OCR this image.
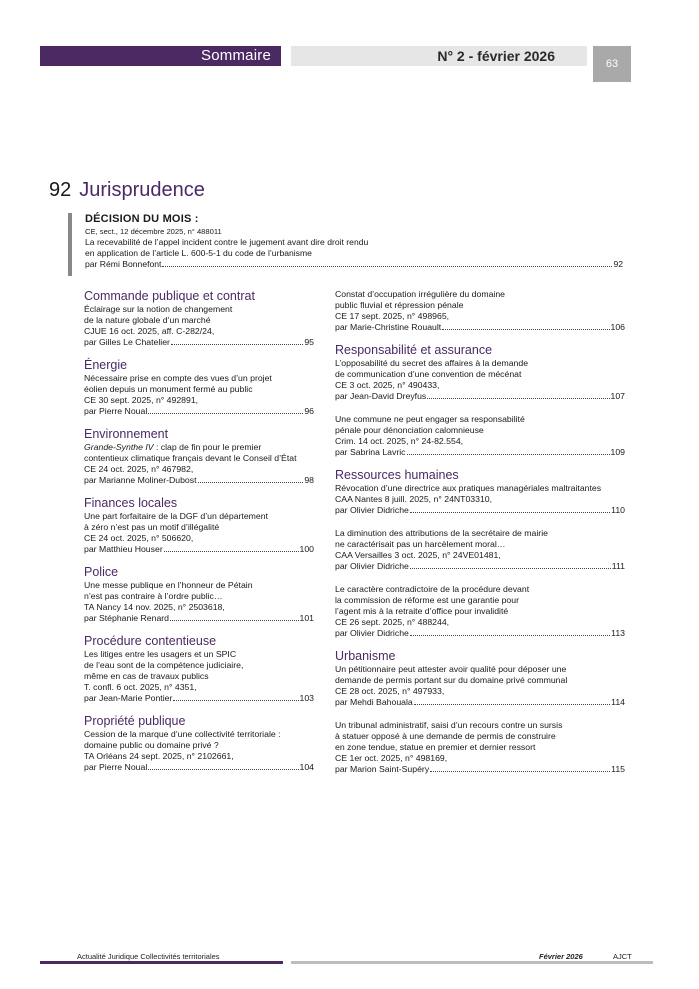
Sommaire	N° 2 - février 2026	63
92 Jurisprudence
DÉCISION DU MOIS :
CE, sect., 12 décembre 2025, n° 488011
La recevabilité de l’appel incident contre le jugement avant dire droit rendu
en application de l’article L. 600-5-1 du code de l’urbanisme
par Rémi Bonnefont	92
Commande publique et contrat
Éclairage sur la notion de changement
de la nature globale d’un marché
CJUE 16 oct. 2025, aff. C-282/24,
par Gilles Le Chatelier	95
Énergie
Nécessaire prise en compte des vues d’un projet
éolien depuis un monument fermé au public
CE 30 sept. 2025, n° 492891,
par Pierre Noual	96
Environnement
Grande-Synthe IV : clap de fin pour le premier
contentieux climatique français devant le Conseil d’État
CE 24 oct. 2025, n° 467982,
par Marianne Moliner-Dubost	98
Finances locales
Une part forfaitaire de la DGF d’un département
à zéro n’est pas un motif d’illégalité
CE 24 oct. 2025, n° 506620,
par Matthieu Houser	100
Police
Une messe publique en l’honneur de Pétain
n’est pas contraire à l’ordre public…
TA Nancy 14 nov. 2025, n° 2503618,
par Stéphanie Renard	101
Procédure contentieuse
Les litiges entre les usagers et un SPIC
de l’eau sont de la compétence judiciaire,
même en cas de travaux publics
T. confl. 6 oct. 2025, n° 4351,
par Jean-Marie Pontier	103
Propriété publique
Cession de la marque d’une collectivité territoriale :
domaine public ou domaine privé ?
TA Orléans 24 sept. 2025, n° 2102661,
par Pierre Noual	104
Constat d’occupation irrégulière du domaine
public fluvial et répression pénale
CE 17 sept. 2025, n° 498965,
par Marie-Christine Rouault	106
Responsabilité et assurance
L’opposabilité du secret des affaires à la demande
de communication d’une convention de mécénat
CE 3 oct. 2025, n° 490433,
par Jean-David Dreyfus	107
Une commune ne peut engager sa responsabilité
pénale pour dénonciation calomnieuse
Crim. 14 oct. 2025, n° 24-82.554,
par Sabrina Lavric	109
Ressources humaines
Révocation d’une directrice aux pratiques managériales maltraitantes
CAA Nantes 8 juill. 2025, n° 24NT03310,
par Olivier Didriche	110
La diminution des attributions de la secrétaire de mairie
ne caractérisait pas un harcèlement moral…
CAA Versailles 3 oct. 2025, n° 24VE01481,
par Olivier Didriche	111
Le caractère contradictoire de la procédure devant
la commission de réforme est une garantie pour
l’agent mis à la retraite d’office pour invalidité
CE 26 sept. 2025, n° 488244,
par Olivier Didriche	113
Urbanisme
Un pétitionnaire peut attester avoir qualité pour déposer une
demande de permis portant sur du domaine privé communal
CE 28 oct. 2025, n° 497933,
par Mehdi Bahouala	114
Un tribunal administratif, saisi d’un recours contre un sursis
à statuer opposé à une demande de permis de construire
en zone tendue, statue en premier et dernier ressort
CE 1er oct. 2025, n° 498169,
par Marion Saint-Supéry	115
Actualité Juridique Collectivités territoriales	Février 2026	AJCT
